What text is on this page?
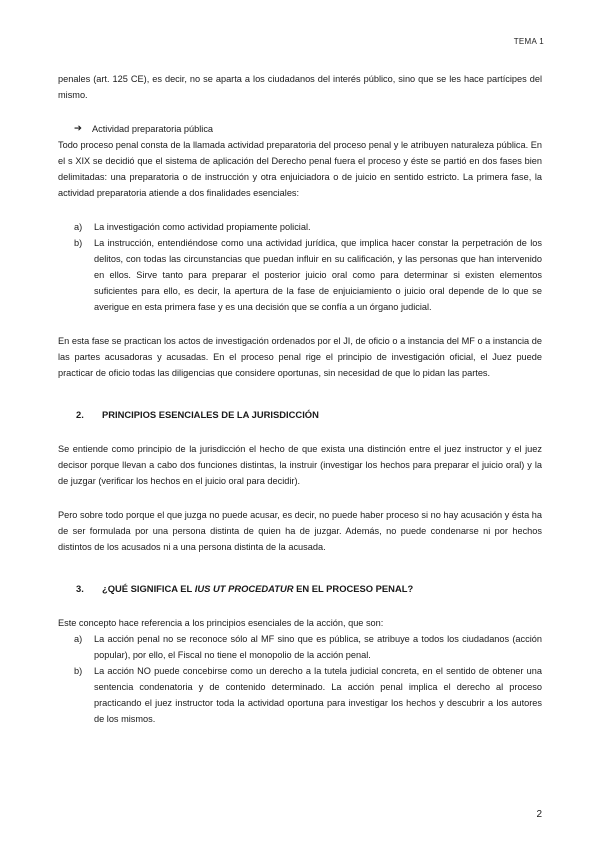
TEMA 1

penales (art. 125 CE), es decir, no se aparta a los ciudadanos del interés público, sino que se les hace partícipes del mismo.

➔	Actividad preparatoria pública

Todo proceso penal consta de la llamada actividad preparatoria del proceso penal y le atribuyen naturaleza pública. En el s XIX se decidió que el sistema de aplicación del Derecho penal fuera el proceso y éste se partió en dos fases bien delimitadas: una preparatoria o de instrucción y otra enjuiciadora o de juicio en sentido estricto. La primera fase, la actividad preparatoria atiende a dos finalidades esenciales:

a)	La investigación como actividad propiamente policial.
b)	La instrucción, entendiéndose como una actividad jurídica, que implica hacer constar la perpetración de los delitos, con todas las circunstancias que puedan influir en su calificación, y las personas que han intervenido en ellos. Sirve tanto para preparar el posterior juicio oral como para determinar si existen elementos suficientes para ello, es decir, la apertura de la fase de enjuiciamiento o juicio oral depende de lo que se averigue en esta primera fase y es una decisión que se confía a un órgano judicial.

En esta fase se practican los actos de investigación ordenados por el JI, de oficio o a instancia del MF o a instancia de las partes acusadoras y acusadas. En el proceso penal rige el principio de investigación oficial, el Juez puede practicar de oficio todas las diligencias que considere oportunas, sin necesidad de que lo pidan las partes.

2.	PRINCIPIOS ESENCIALES DE LA JURISDICCIÓN

Se entiende como principio de la jurisdicción el hecho de que exista una distinción entre el juez instructor y el juez decisor porque llevan a cabo dos funciones distintas, la instruir (investigar los hechos para preparar el juicio oral) y la de juzgar (verificar los hechos en el juicio oral para decidir).

Pero sobre todo porque el que juzga no puede acusar, es decir, no puede haber proceso si no hay acusación y ésta ha de ser formulada por una persona distinta de quien ha de juzgar. Además, no puede condenarse ni por hechos distintos de los acusados ni a una persona distinta de la acusada.

3.	¿QUÉ SIGNIFICA EL IUS UT PROCEDATUR EN EL PROCESO PENAL?

Este concepto hace referencia a los principios esenciales de la acción, que son:

a)	La acción penal no se reconoce sólo al MF sino que es pública, se atribuye a todos los ciudadanos (acción popular), por ello, el Fiscal no tiene el monopolio de la acción penal.
b)	La acción NO puede concebirse como un derecho a la tutela judicial concreta, en el sentido de obtener una sentencia condenatoria y de contenido determinado. La acción penal implica el derecho al proceso practicando el juez instructor toda la actividad oportuna para investigar los hechos y descubrir a los autores de los mismos.
2
